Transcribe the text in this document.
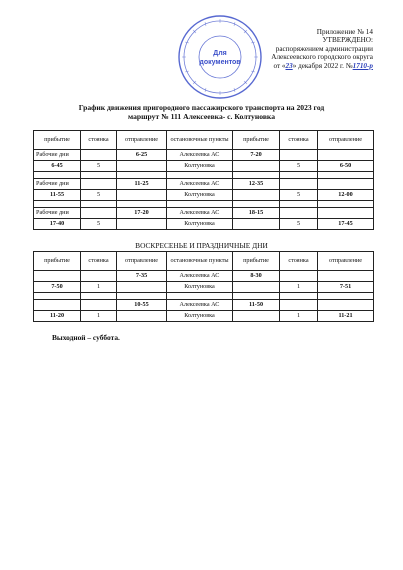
Для
документов
Приложение № 14
УТВЕРЖДЕНО:
распоряжением администрации
Алексеевского городского округа
от «23» декабря 2022 г. №1710-р
График движения пригородного пассажирского транспорта на 2023 год
маршрут № 111 Алексеевка- с. Колтуновка
прибытие	стоянка	отправление	остановочные пункты	прибытие	стоянка	отправление
Рабочие дни		6-25	Алексеевка АС	7-20		
6-45	5		Колтуновка		5	6-50

Рабочие дни		11-25	Алексеевка АС	12-35		
11-55	5		Колтуновка		5	12-00

Рабочие дни		17-20	Алексеевка АС	18-15		
17-40	5		Колтуновка		5	17-45
ВОСКРЕСЕНЬЕ И ПРАЗДНИЧНЫЕ ДНИ
прибытие	стоянка	отправление	остановочные пункты	прибытие	стоянка	отправление
		7-35	Алексеевка АС	8-30		
7-50	1		Колтуновка		1	7-51

		10-55	Алексеевка АС	11-50		
11-20	1		Колтуновка		1	11-21
Выходной – суббота.
